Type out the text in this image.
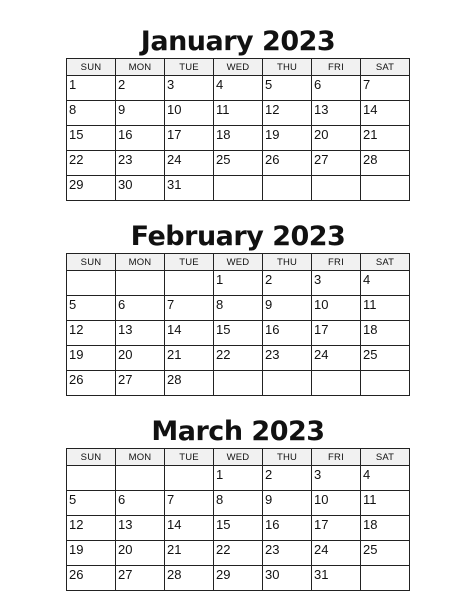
January 2023
SUN	MON	TUE	WED	THU	FRI	SAT
1	2	3	4	5	6	7
8	9	10	11	12	13	14
15	16	17	18	19	20	21
22	23	24	25	26	27	28
29	30	31				
February 2023
SUN	MON	TUE	WED	THU	FRI	SAT
			1	2	3	4
5	6	7	8	9	10	11
12	13	14	15	16	17	18
19	20	21	22	23	24	25
26	27	28				
March 2023
SUN	MON	TUE	WED	THU	FRI	SAT
			1	2	3	4
5	6	7	8	9	10	11
12	13	14	15	16	17	18
19	20	21	22	23	24	25
26	27	28	29	30	31	
